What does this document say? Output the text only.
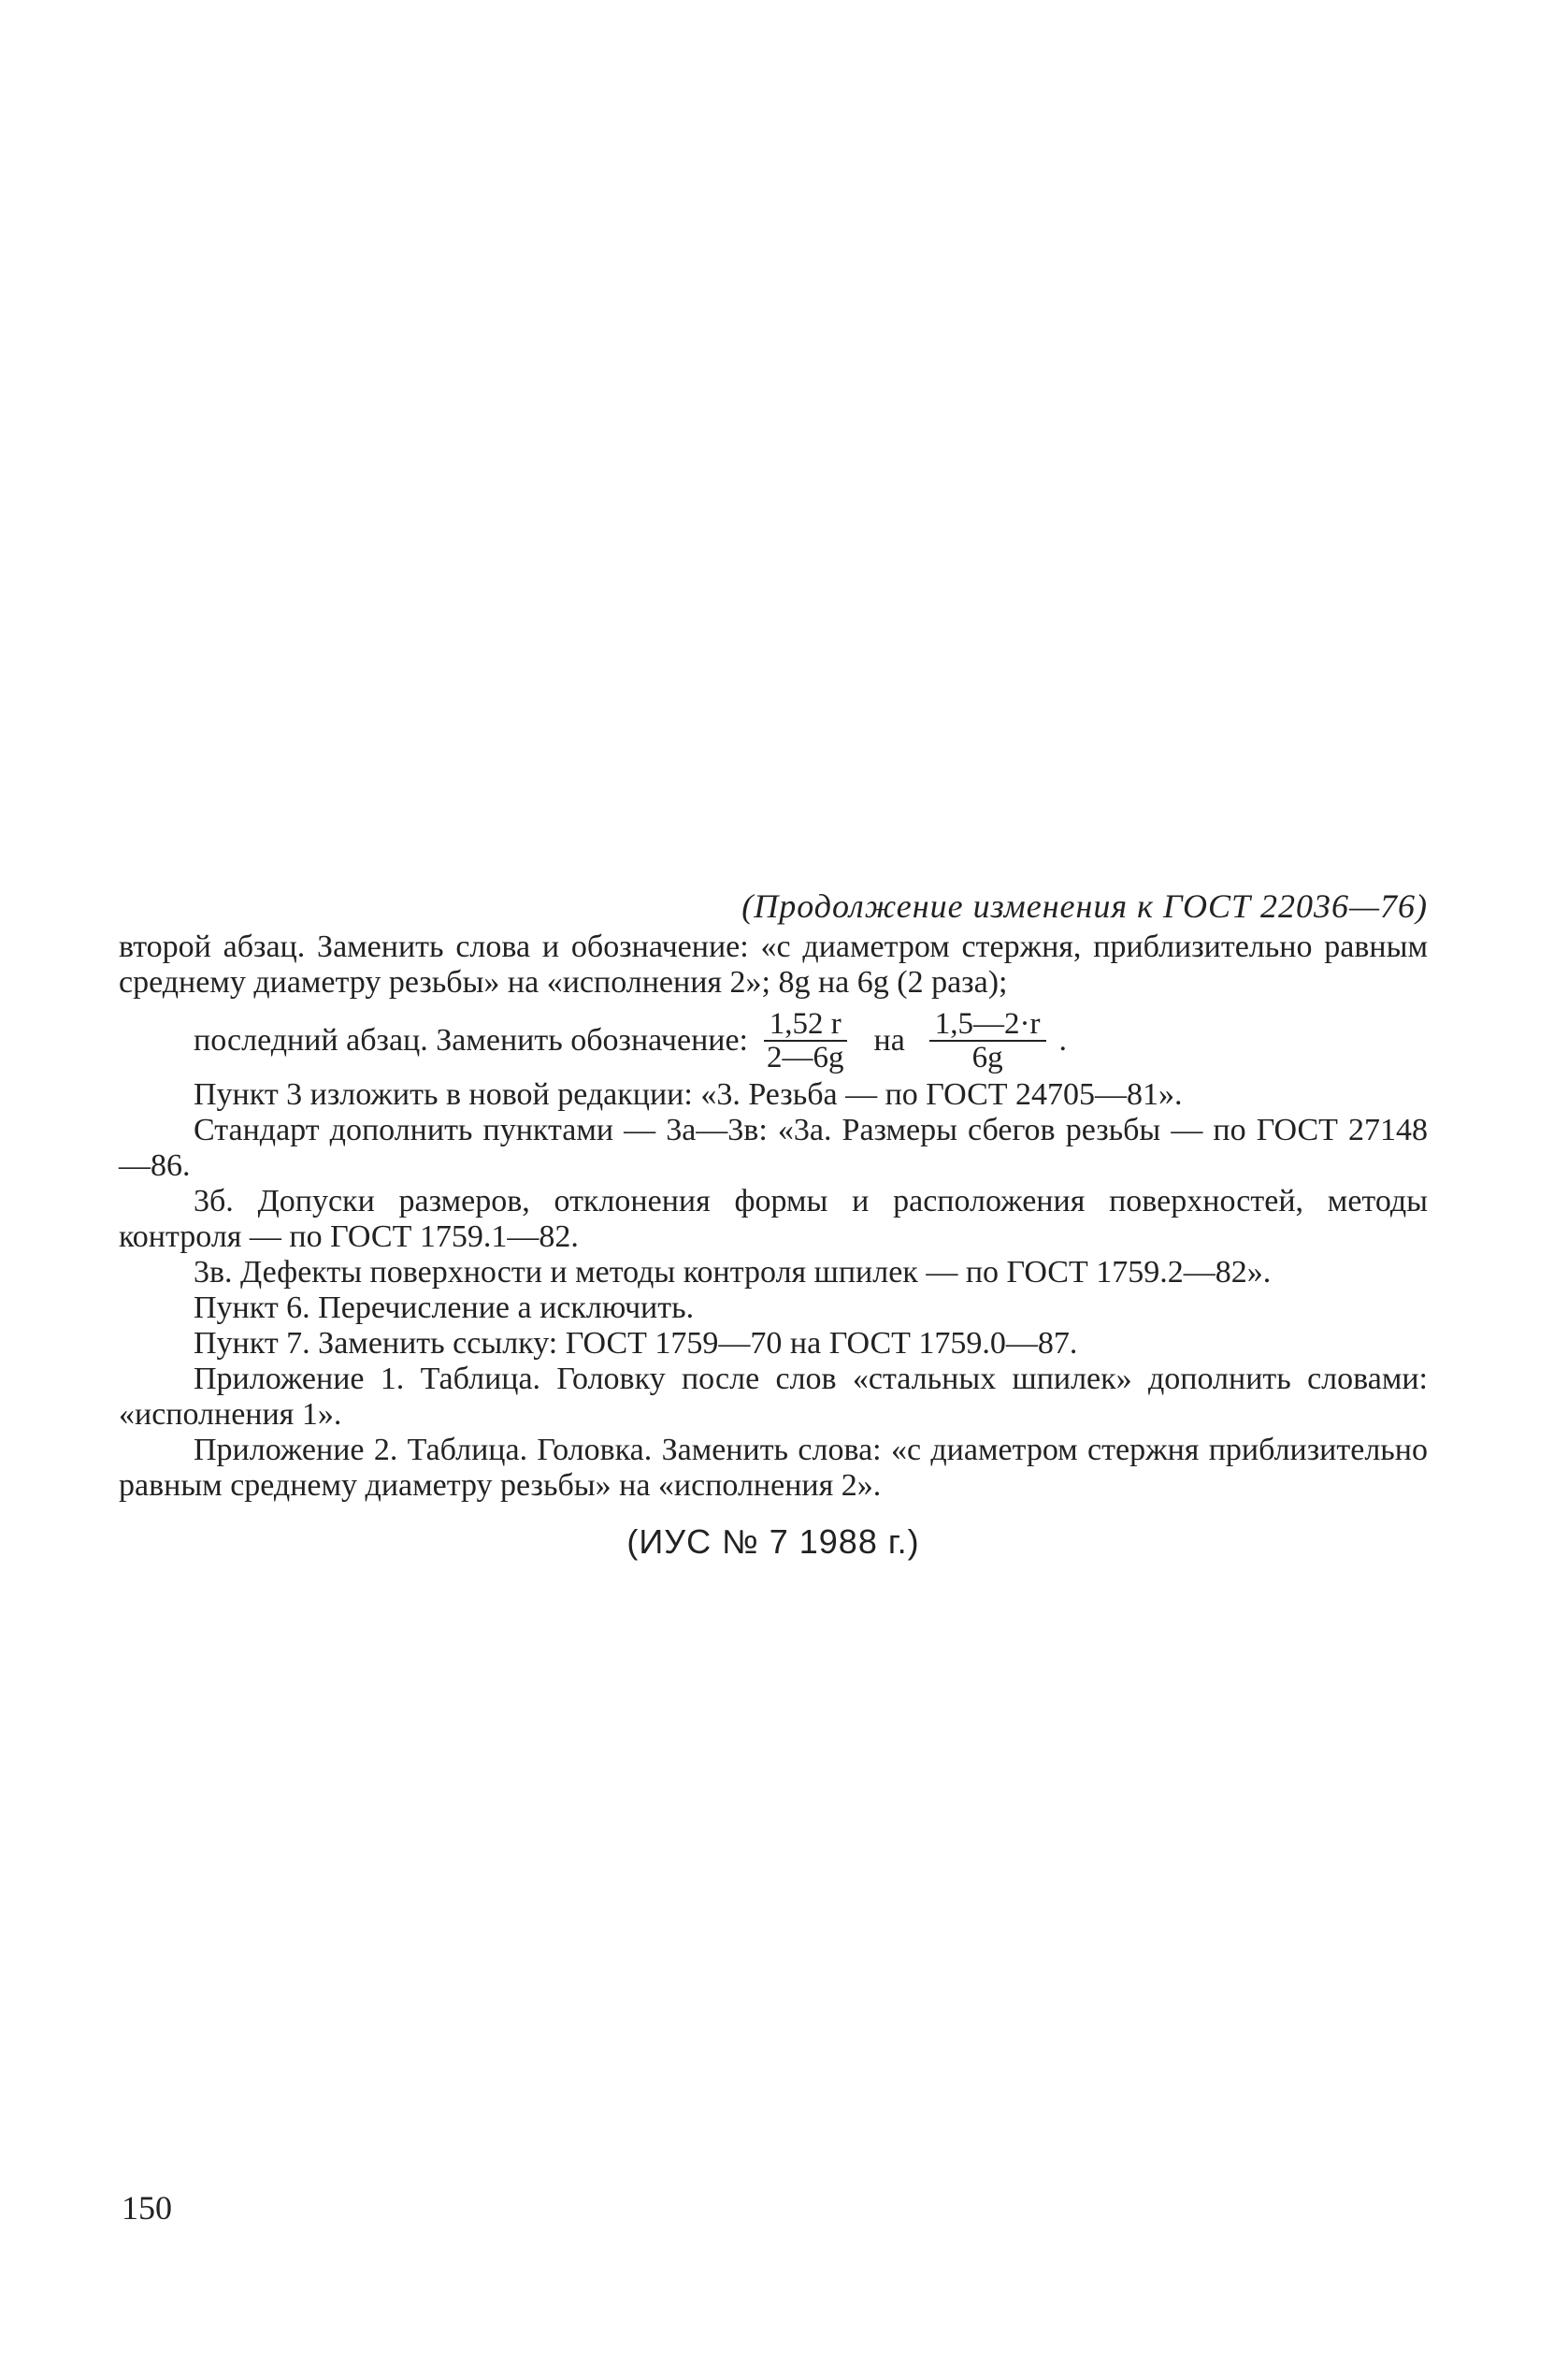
(Продолжение изменения к ГОСТ 22036—76)

второй абзац. Заменить слова и обозначение: «с диаметром стержня, приблизительно равным среднему диаметру резьбы» на «исполнения 2»; 8g на 6g (2 раза);

последний абзац. Заменить обозначение: $\frac{1,52 r}{2—6g}$ на $\frac{1,5—2\cdot r}{6g}$ .

Пункт 3 изложить в новой редакции: «3. Резьба — по ГОСТ 24705—81».

Стандарт дополнить пунктами — 3а—3в: «3а. Размеры сбегов резьбы — по ГОСТ 27148—86.

3б. Допуски размеров, отклонения формы и расположения поверхностей, методы контроля — по ГОСТ 1759.1—82.

3в. Дефекты поверхности и методы контроля шпилек — по ГОСТ 1759.2—82».

Пункт 6. Перечисление а исключить.

Пункт 7. Заменить ссылку: ГОСТ 1759—70 на ГОСТ 1759.0—87.

Приложение 1. Таблица. Головку после слов «стальных шпилек» дополнить словами: «исполнения 1».

Приложение 2. Таблица. Головка. Заменить слова: «с диаметром стержня приблизительно равным среднему диаметру резьбы» на «исполнения 2».

(ИУС № 7 1988 г.)
150
